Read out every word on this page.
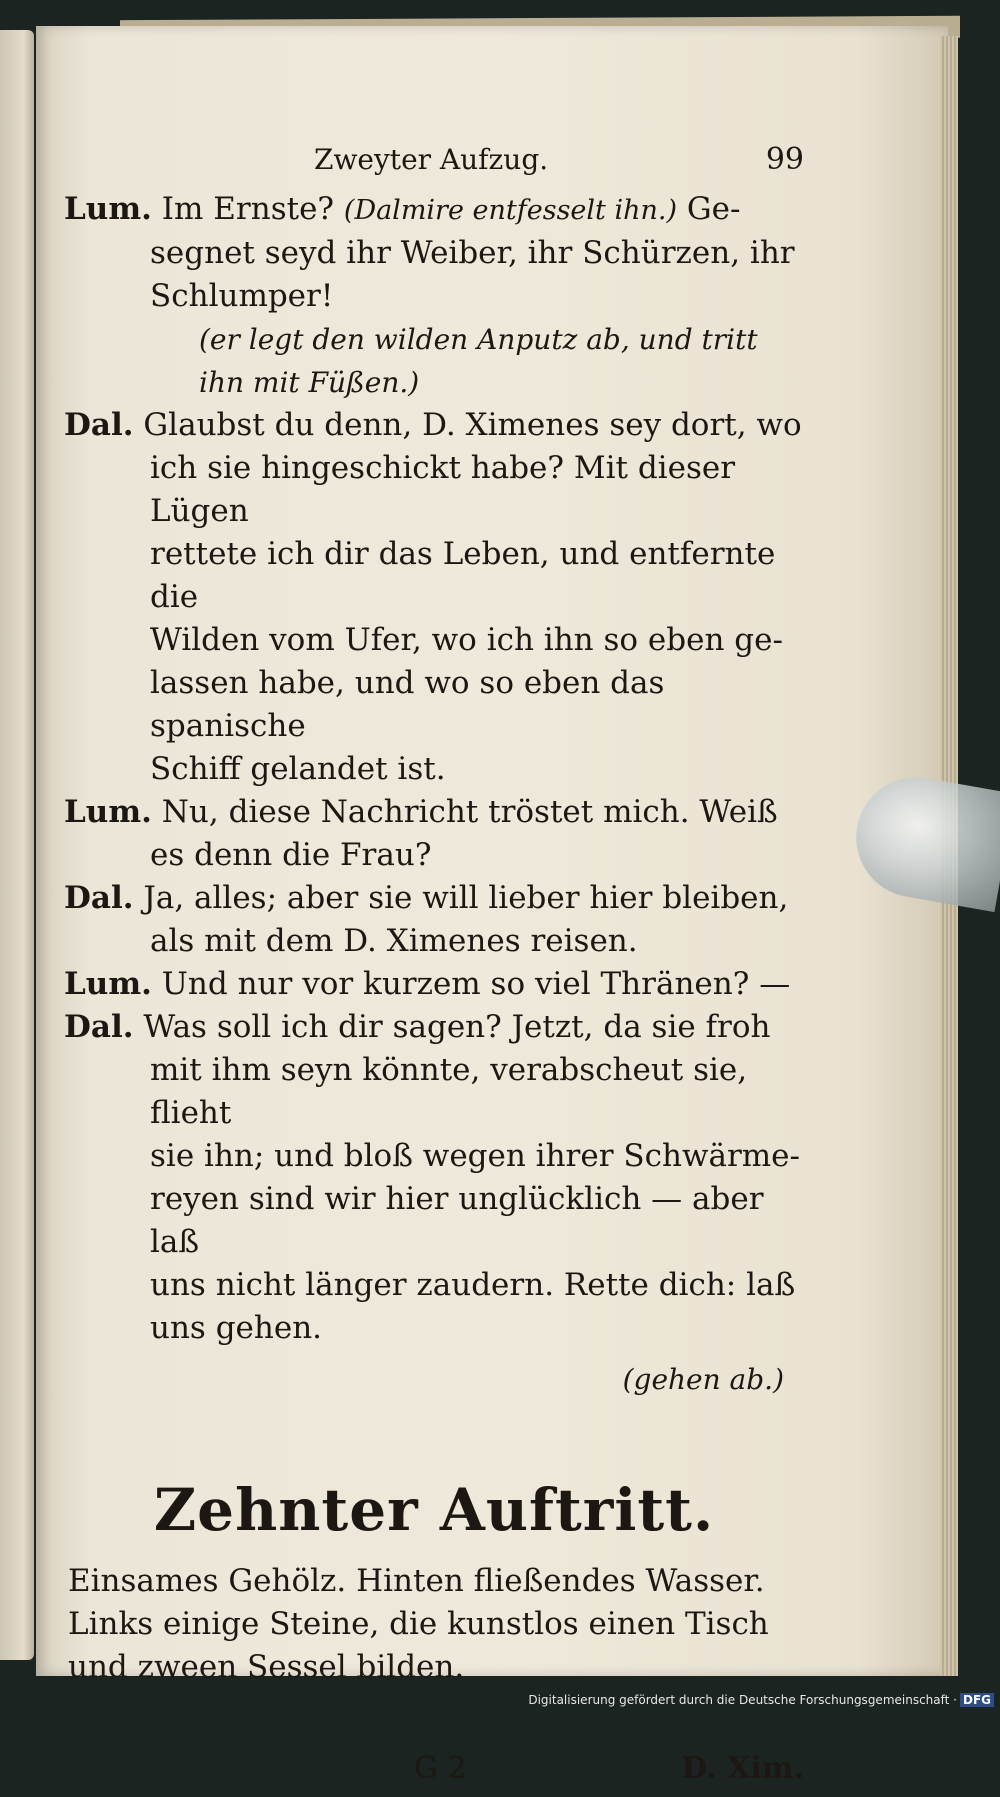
Zweyter Aufzug.	99

Lum. Im Ernste? (Dalmire entfesselt ihn.) Ge-
segnet seyd ihr Weiber, ihr Schürzen, ihr
Schlumper!

(er legt den wilden Anputz ab, und tritt
ihn mit Füßen.)

Dal. Glaubst du denn, D. Ximenes sey dort, wo
ich sie hingeschickt habe? Mit dieser Lügen
rettete ich dir das Leben, und entfernte die
Wilden vom Ufer, wo ich ihn so eben ge-
lassen habe, und wo so eben das spanische
Schiff gelandet ist.

Lum. Nu, diese Nachricht tröstet mich. Weiß
es denn die Frau?

Dal. Ja, alles; aber sie will lieber hier bleiben,
als mit dem D. Ximenes reisen.

Lum. Und nur vor kurzem so viel Thränen? —

Dal. Was soll ich dir sagen? Jetzt, da sie froh
mit ihm seyn könnte, verabscheut sie, flieht
sie ihn; und bloß wegen ihrer Schwärme-
reyen sind wir hier unglücklich — aber laß
uns nicht länger zaudern. Rette dich: laß
uns gehen.

(gehen ab.)
Zehnter Auftritt.

Einsames Gehölz. Hinten fließendes Wasser.
Links einige Steine, die kunstlos einen Tisch
und zween Sessel bilden.

G 2	D. Xim.
Digitalisierung gefördert durch die Deutsche Forschungsgemeinschaft · DFG
